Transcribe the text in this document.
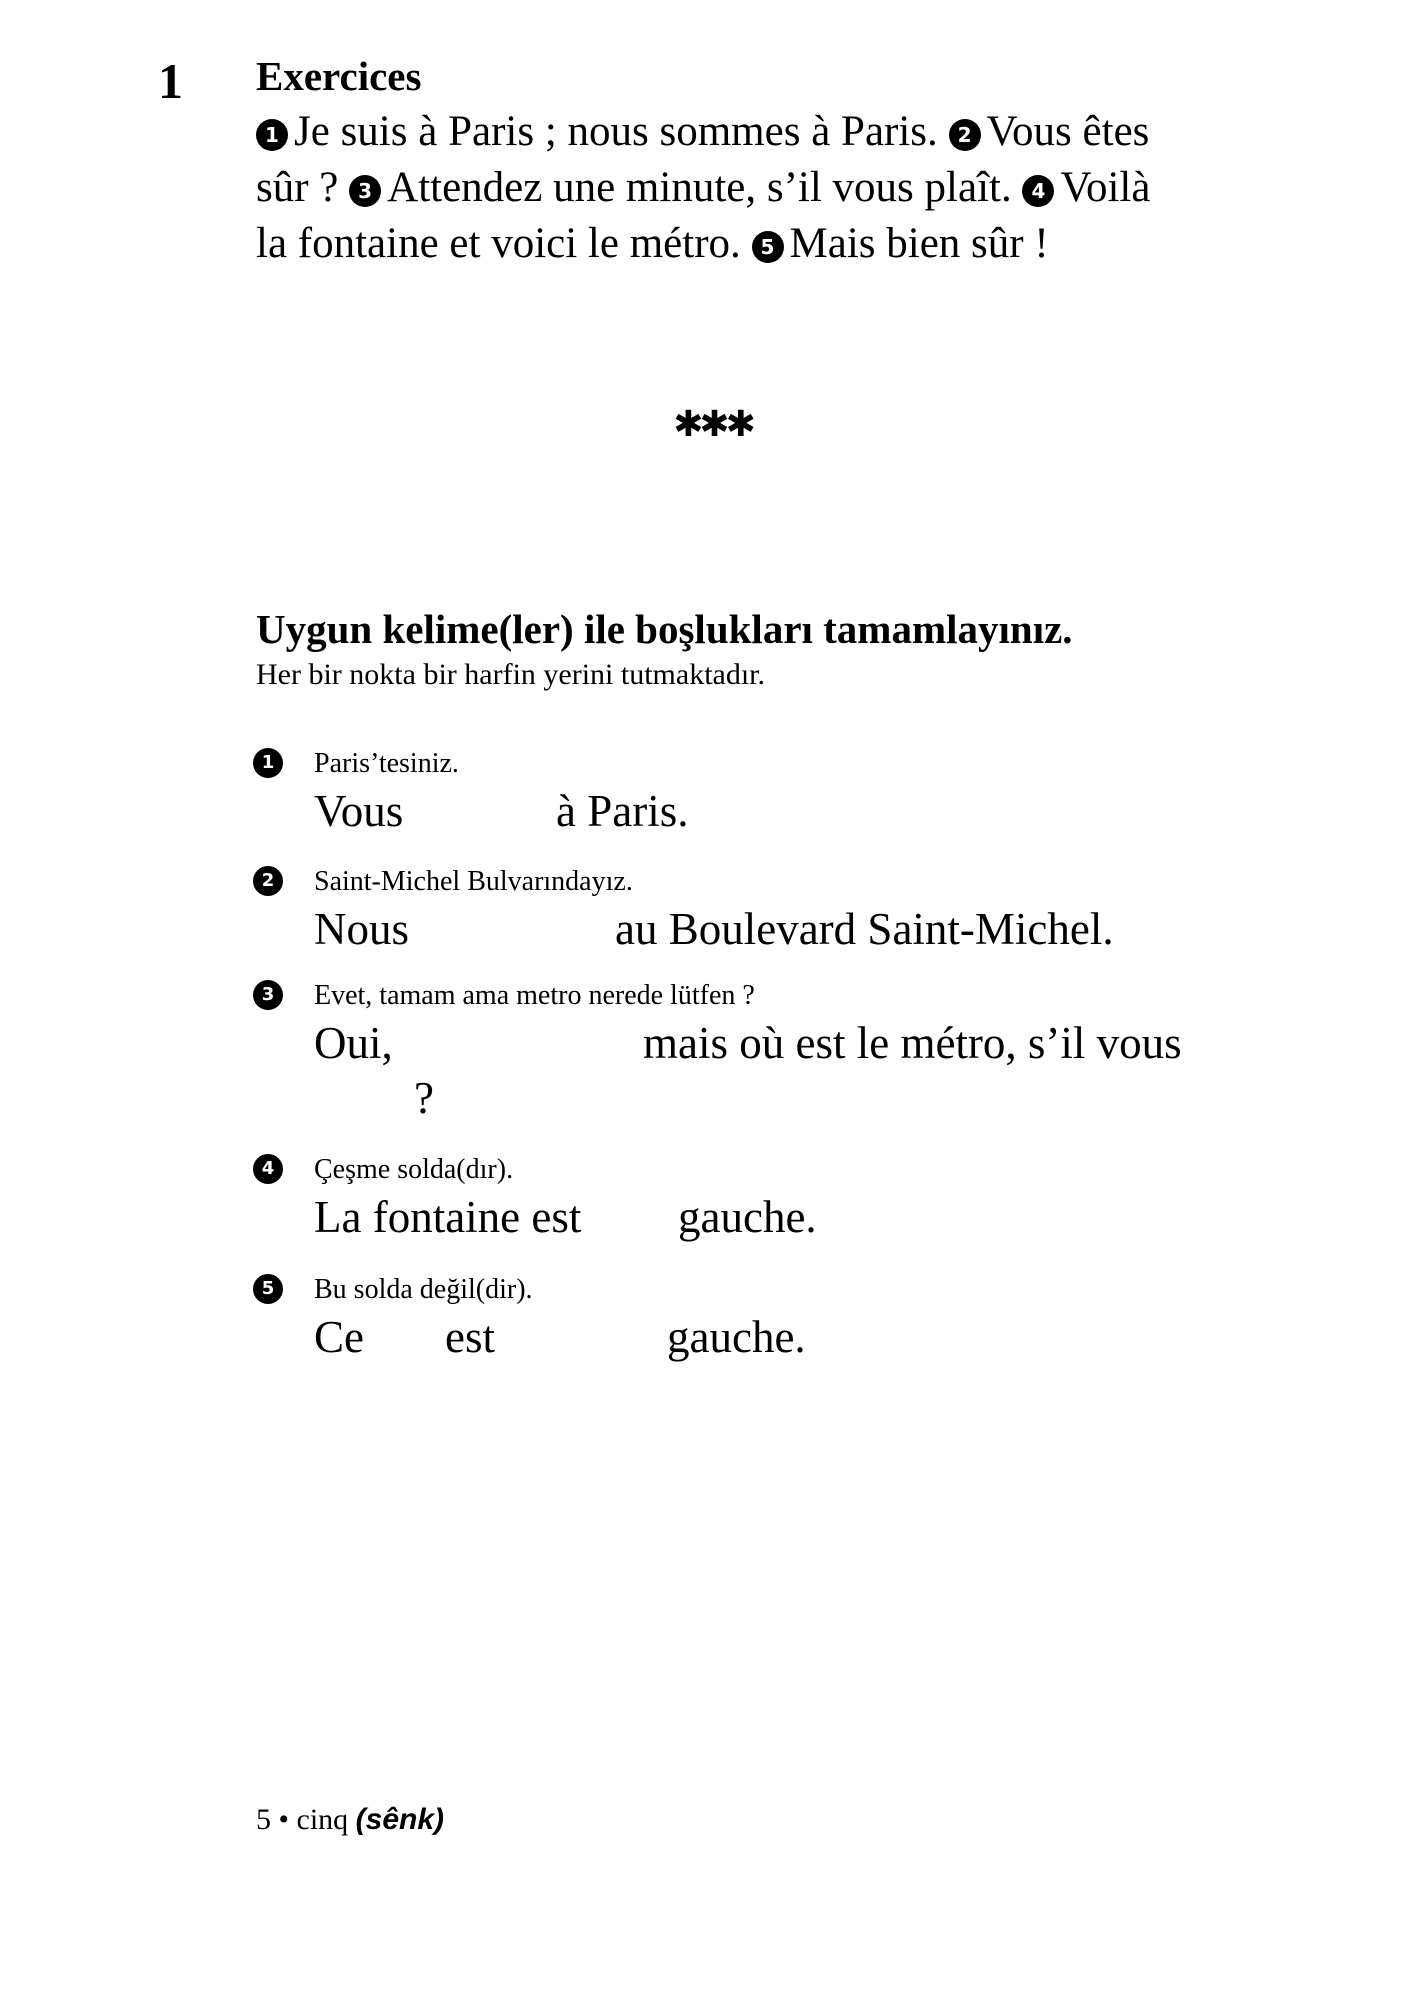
1 Exercices
1 Je suis à Paris ; nous sommes à Paris. 2 Vous êtes
sûr ? 3 Attendez une minute, s’il vous plaît. 4 Voilà
la fontaine et voici le métro. 5 Mais bien sûr !
✱✱✱
Uygun kelime(ler) ile boşlukları tamamlayınız.
Her bir nokta bir harfin yerini tutmaktadır.
1	Paris’tesiniz.
Vous	à Paris.
2	Saint-Michel Bulvarındayız.
Nous	au Boulevard Saint-Michel.
3	Evet, tamam ama metro nerede lütfen ?
Oui,	mais où est le métro, s’il vous
?
4	Çeşme solda(dır).
La fontaine est gauche.
5	Bu solda değil(dir).
Ce est	gauche.
5 • cinq (sênk)
